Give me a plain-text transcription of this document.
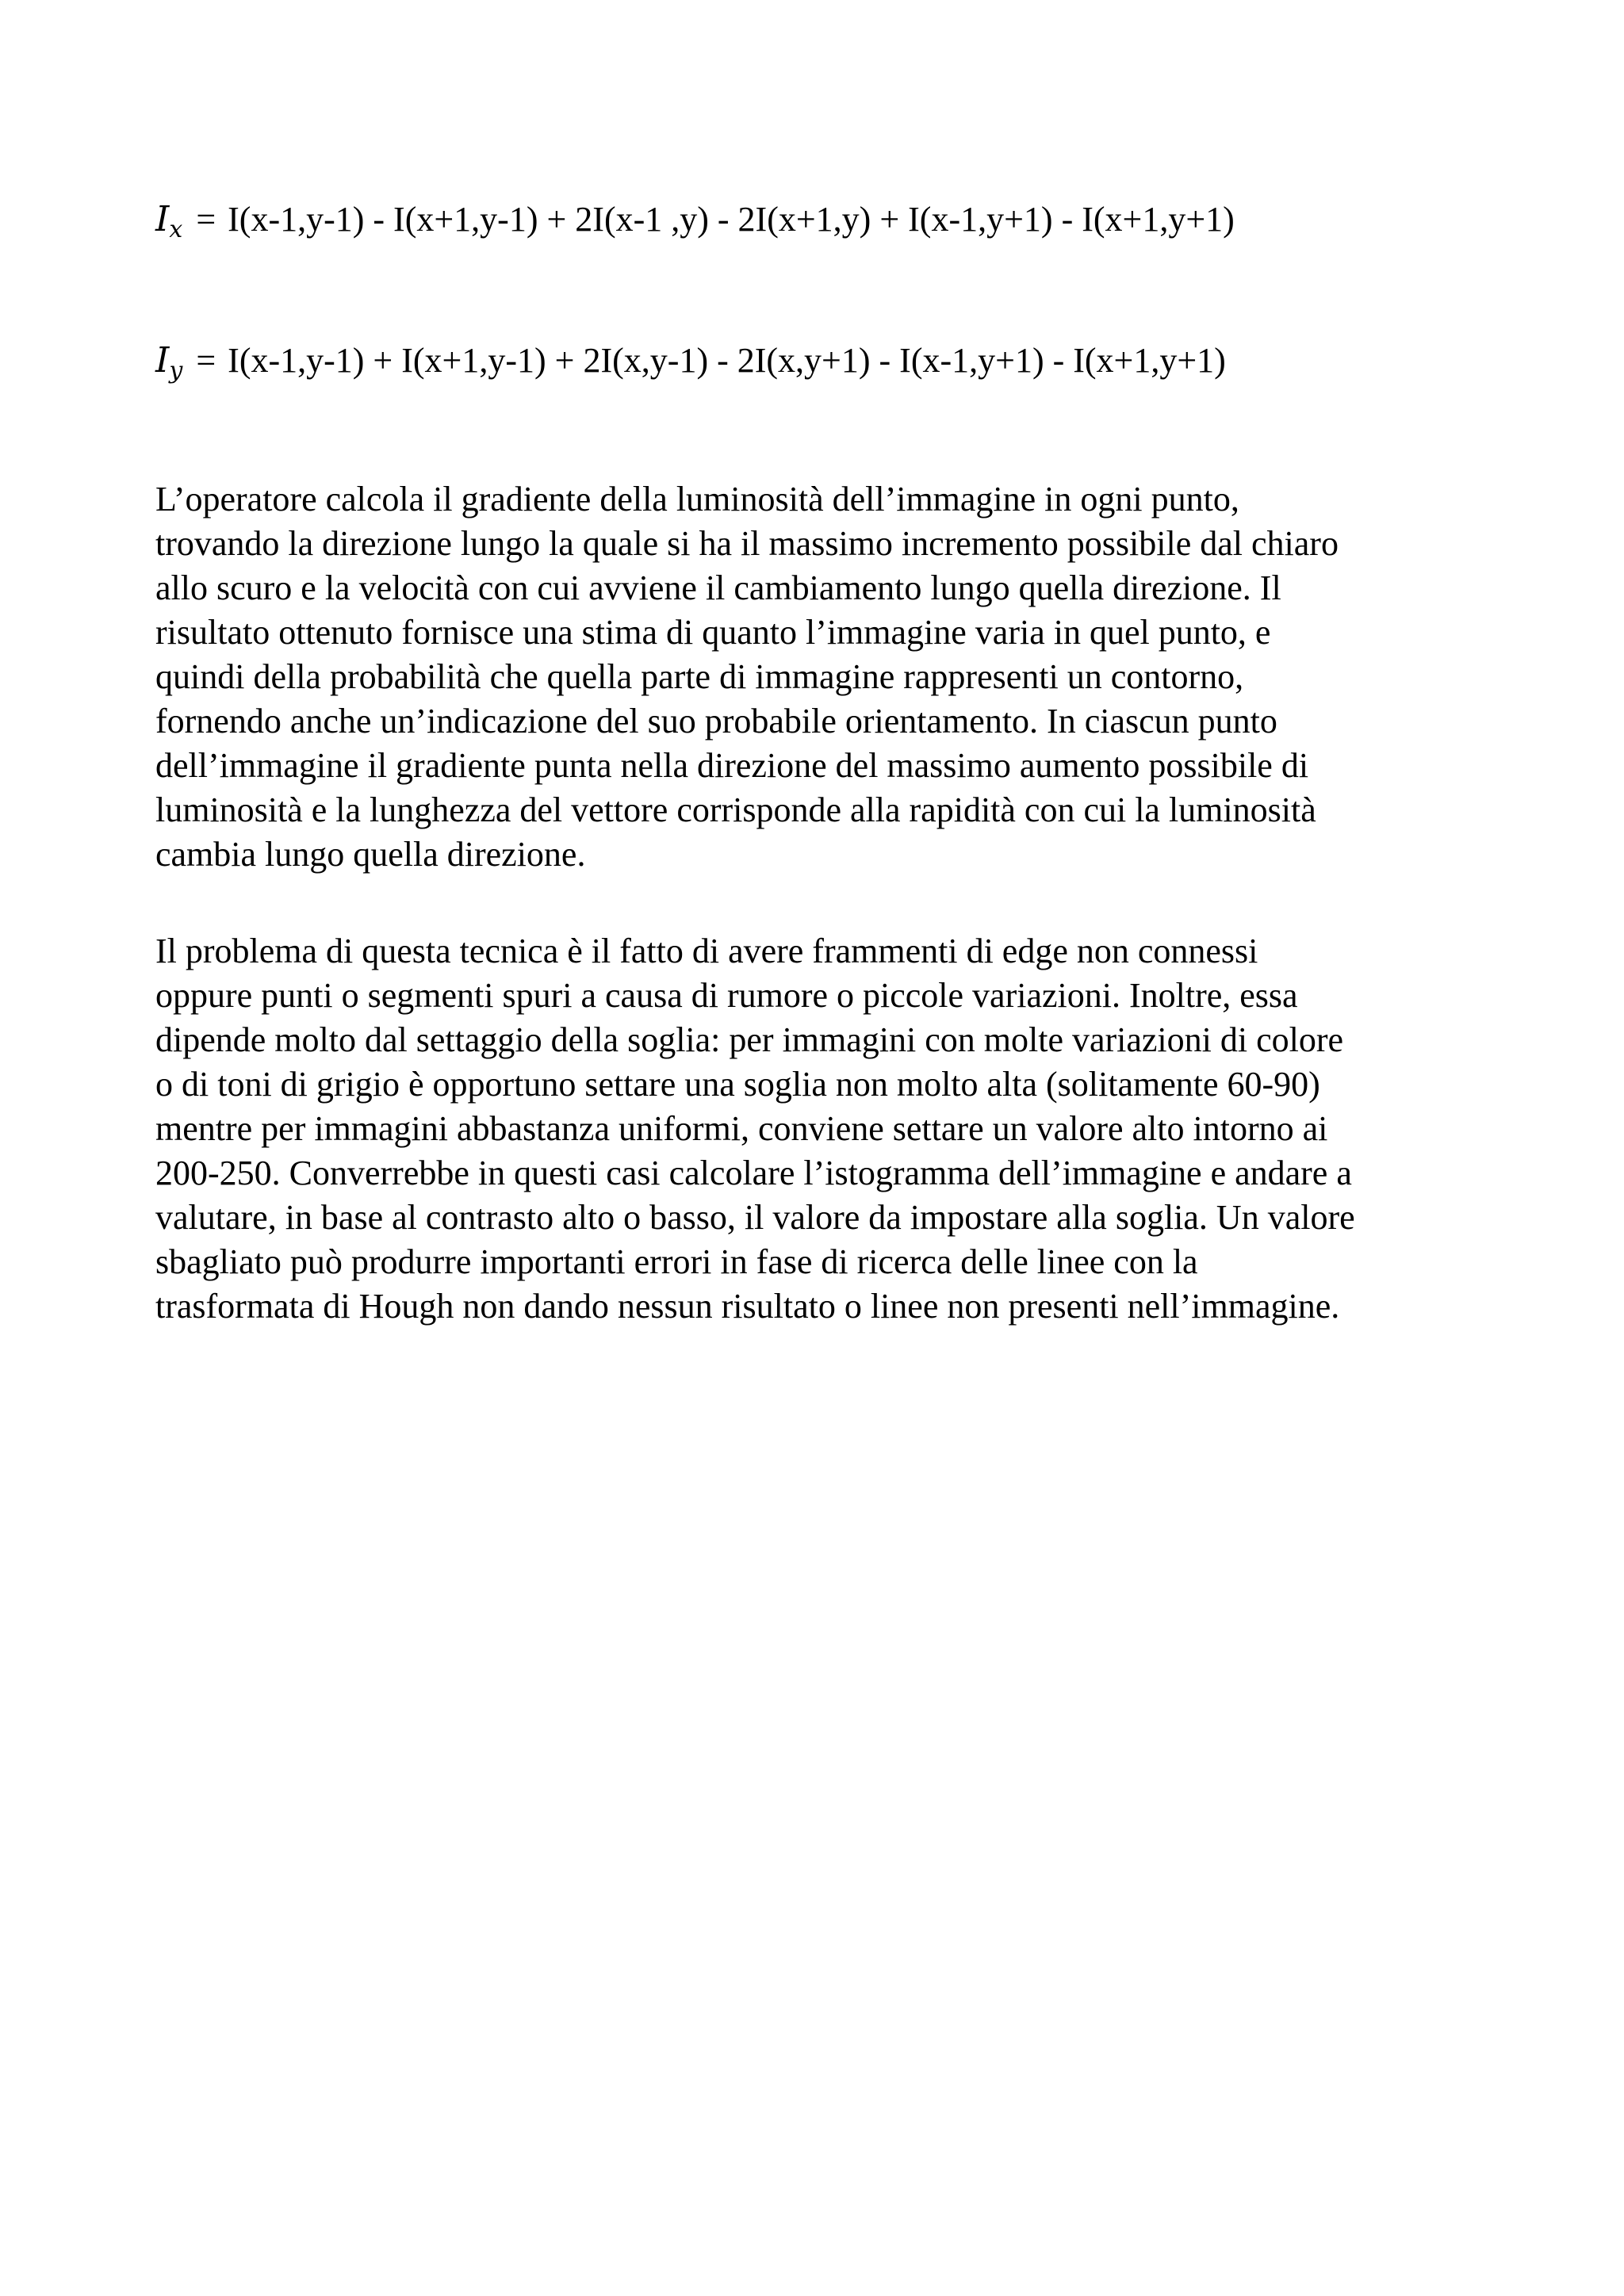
$I_x = I(x-1,y-1) - I(x+1,y-1) + 2I(x-1$ ,y) - 2I(x+1,y) + I(x-1,y+1) - I(x+1,y+1)
$I_y = I(x-1,y-1) + I(x+1,y-1) + 2I(x,y-1) - 2I(x,y+1) - I(x-1,y+1) - I(x+1,y+1)$

L’operatore calcola il gradiente della luminosità dell’immagine in ogni punto,
trovando la direzione lungo la quale si ha il massimo incremento possibile dal chiaro
allo scuro e la velocità con cui avviene il cambiamento lungo quella direzione. Il
risultato ottenuto fornisce una stima di quanto l’immagine varia in quel punto, e
quindi della probabilità che quella parte di immagine rappresenti un contorno,
fornendo anche un’indicazione del suo probabile orientamento. In ciascun punto
dell’immagine il gradiente punta nella direzione del massimo aumento possibile di
luminosità e la lunghezza del vettore corrisponde alla rapidità con cui la luminosità
cambia lungo quella direzione.

Il problema di questa tecnica è il fatto di avere frammenti di edge non connessi
oppure punti o segmenti spuri a causa di rumore o piccole variazioni. Inoltre, essa
dipende molto dal settaggio della soglia: per immagini con molte variazioni di colore
o di toni di grigio è opportuno settare una soglia non molto alta (solitamente 60-90)
mentre per immagini abbastanza uniformi, conviene settare un valore alto intorno ai
200-250. Converrebbe in questi casi calcolare l’istogramma dell’immagine e andare a
valutare, in base al contrasto alto o basso, il valore da impostare alla soglia. Un valore
sbagliato può produrre importanti errori in fase di ricerca delle linee con la
trasformata di Hough non dando nessun risultato o linee non presenti nell’immagine.
